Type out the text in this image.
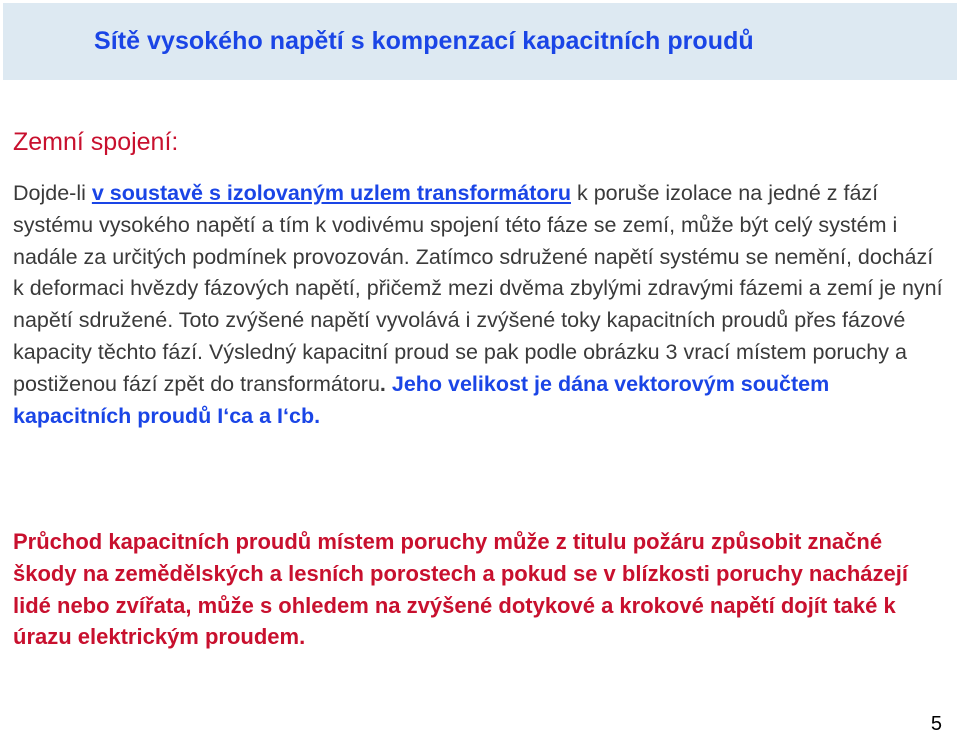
Sítě vysokého napětí s kompenzací kapacitních proudů
Zemní spojení:

Dojde-li v soustavě s izolovaným uzlem transformátoru k poruše izolace na jedné z fází systému vysokého napětí a tím k vodivému spojení této fáze se zemí, může být celý systém i nadále za určitých podmínek provozován. Zatímco sdružené napětí systému se nemění, dochází k deformaci hvězdy fázových napětí, přičemž mezi dvěma zbylými zdravými fázemi a zemí je nyní napětí sdružené. Toto zvýšené napětí vyvolává i zvýšené toky kapacitních proudů přes fázové kapacity těchto fází. Výsledný kapacitní proud se pak podle obrázku 3 vrací místem poruchy a postiženou fází zpět do transformátoru. Jeho velikost je dána vektorovým součtem kapacitních proudů I‘ca a I‘cb.

Průchod kapacitních proudů místem poruchy může z titulu požáru způsobit značné škody na zemědělských a lesních porostech a pokud se v blízkosti poruchy nacházejí lidé nebo zvířata, může s ohledem na zvýšené dotykové a krokové napětí dojít také k úrazu elektrickým proudem.

5
